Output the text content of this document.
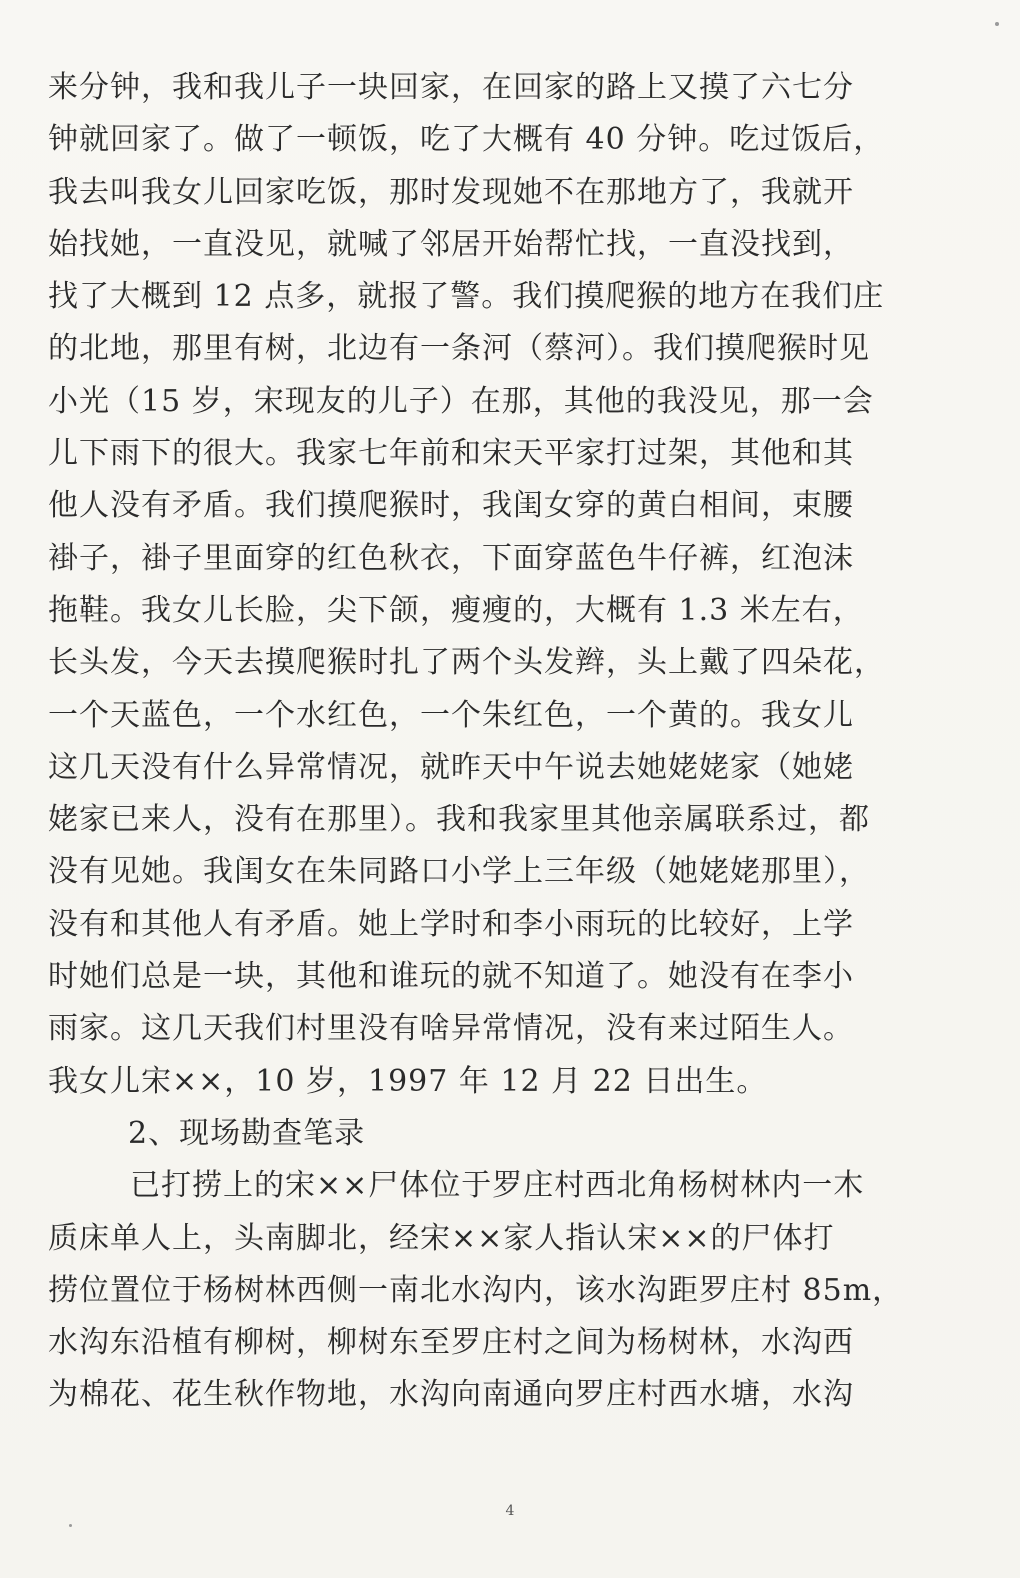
来分钟，我和我儿子一块回家，在回家的路上又摸了六七分
钟就回家了。做了一顿饭，吃了大概有 40 分钟。吃过饭后，
我去叫我女儿回家吃饭，那时发现她不在那地方了，我就开
始找她，一直没见，就喊了邻居开始帮忙找，一直没找到，
找了大概到 12 点多，就报了警。我们摸爬猴的地方在我们庄
的北地，那里有树，北边有一条河（蔡河）。我们摸爬猴时见
小光（15 岁，宋现友的儿子）在那，其他的我没见，那一会
儿下雨下的很大。我家七年前和宋天平家打过架，其他和其
他人没有矛盾。我们摸爬猴时，我闺女穿的黄白相间，束腰
褂子，褂子里面穿的红色秋衣，下面穿蓝色牛仔裤，红泡沫
拖鞋。我女儿长脸，尖下颌，瘦瘦的，大概有 1.3 米左右，
长头发，今天去摸爬猴时扎了两个头发辫，头上戴了四朵花，
一个天蓝色，一个水红色，一个朱红色，一个黄的。我女儿
这几天没有什么异常情况，就昨天中午说去她姥姥家（她姥
姥家已来人，没有在那里）。我和我家里其他亲属联系过，都
没有见她。我闺女在朱同路口小学上三年级（她姥姥那里），
没有和其他人有矛盾。她上学时和李小雨玩的比较好，上学
时她们总是一块，其他和谁玩的就不知道了。她没有在李小
雨家。这几天我们村里没有啥异常情况，没有来过陌生人。
我女儿宋××，10 岁，1997 年 12 月 22 日出生。
2、现场勘查笔录
已打捞上的宋××尸体位于罗庄村西北角杨树林内一木
质床单人上，头南脚北，经宋××家人指认宋××的尸体打
捞位置位于杨树林西侧一南北水沟内，该水沟距罗庄村 85m，
水沟东沿植有柳树，柳树东至罗庄村之间为杨树林，水沟西
为棉花、花生秋作物地，水沟向南通向罗庄村西水塘，水沟
4
